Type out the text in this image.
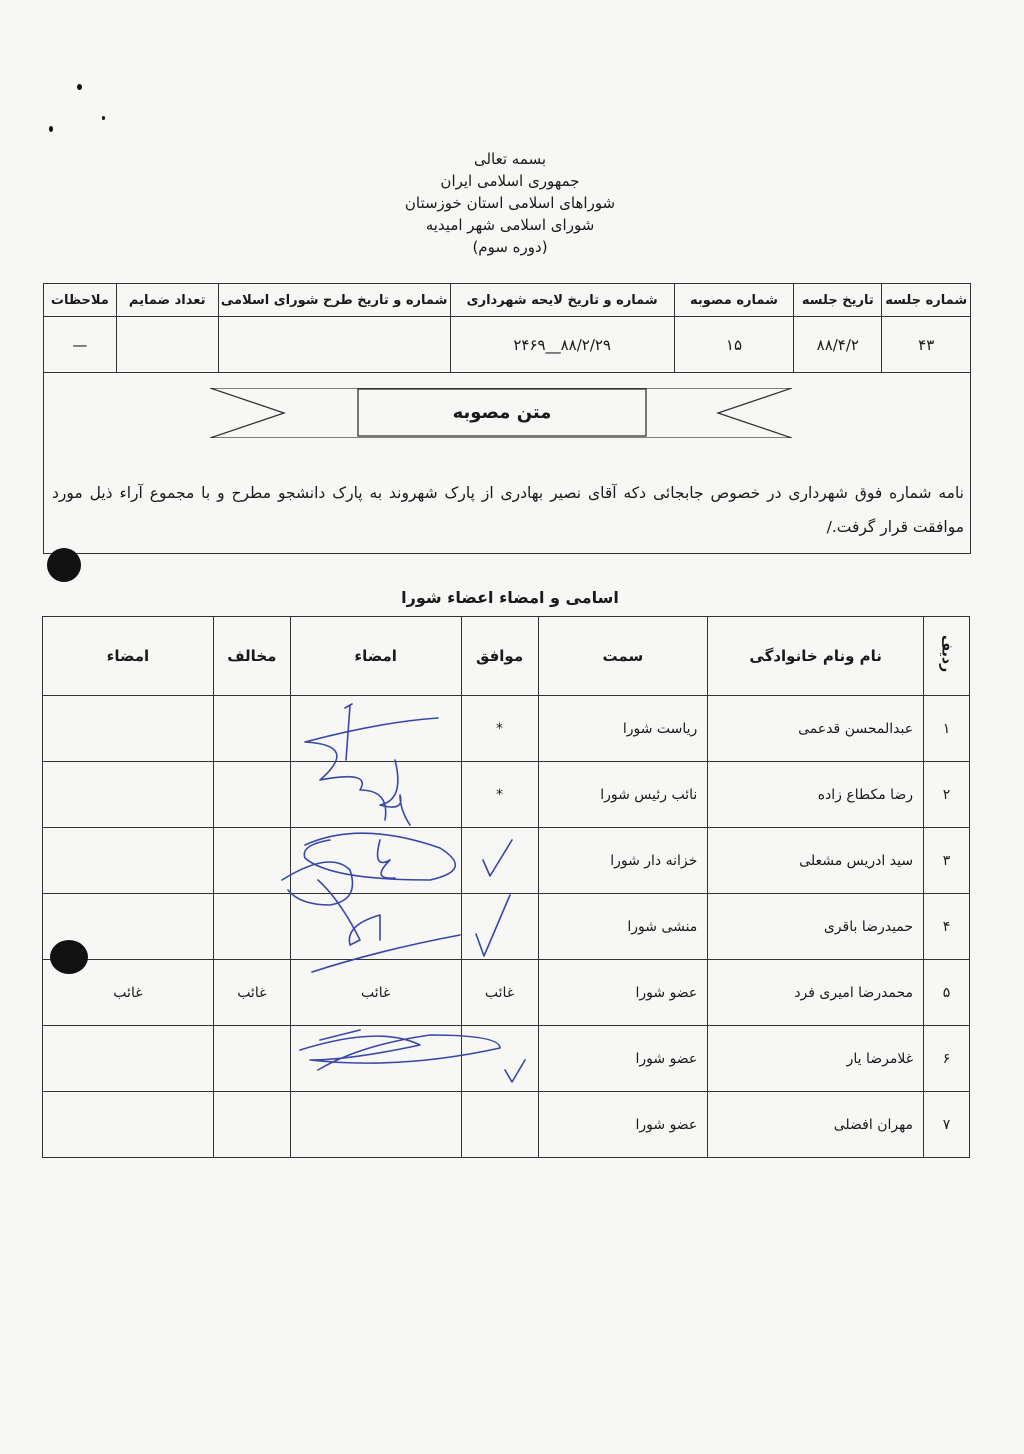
بسمه تعالی
جمهوری اسلامی ایران
شوراهای اسلامی استان خوزستان
شورای اسلامی شهر امیدیه
(دوره سوم)
شماره جلسه	تاریخ جلسه	شماره مصوبه	شماره و تاریخ لایحه شهرداری	شماره و تاریخ طرح شورای اسلامی	تعداد ضمایم	ملاحظات
۴۳	۸۸/۴/۲	۱۵	۸۸/۲/۲۹__۲۴۶۹			—
متن مصوبه
نامه شماره فوق شهرداری در خصوص جابجائی دکه آقای نصیر بهادری از پارک شهروند به پارک دانشجو مطرح و با مجموع آراء ذیل مورد موافقت قرار گرفت./
اسامی و امضاء اعضاء شورا
ردیف	نام ونام خانوادگی	سمت	موافق	امضاء	مخالف	امضاء
۱	عبدالمحسن قدعمی	ریاست شورا	*			
۲	رضا مکطاع زاده	نائب رئیس شورا	*			
۳	سید ادریس مشعلی	خزانه دار شورا				
۴	حمیدرضا باقری	منشی شورا				
۵	محمدرضا امیری فرد	عضو شورا	غائب	غائب	غائب	غائب
۶	غلامرضا یار	عضو شورا				
۷	مهران افضلی	عضو شورا				
